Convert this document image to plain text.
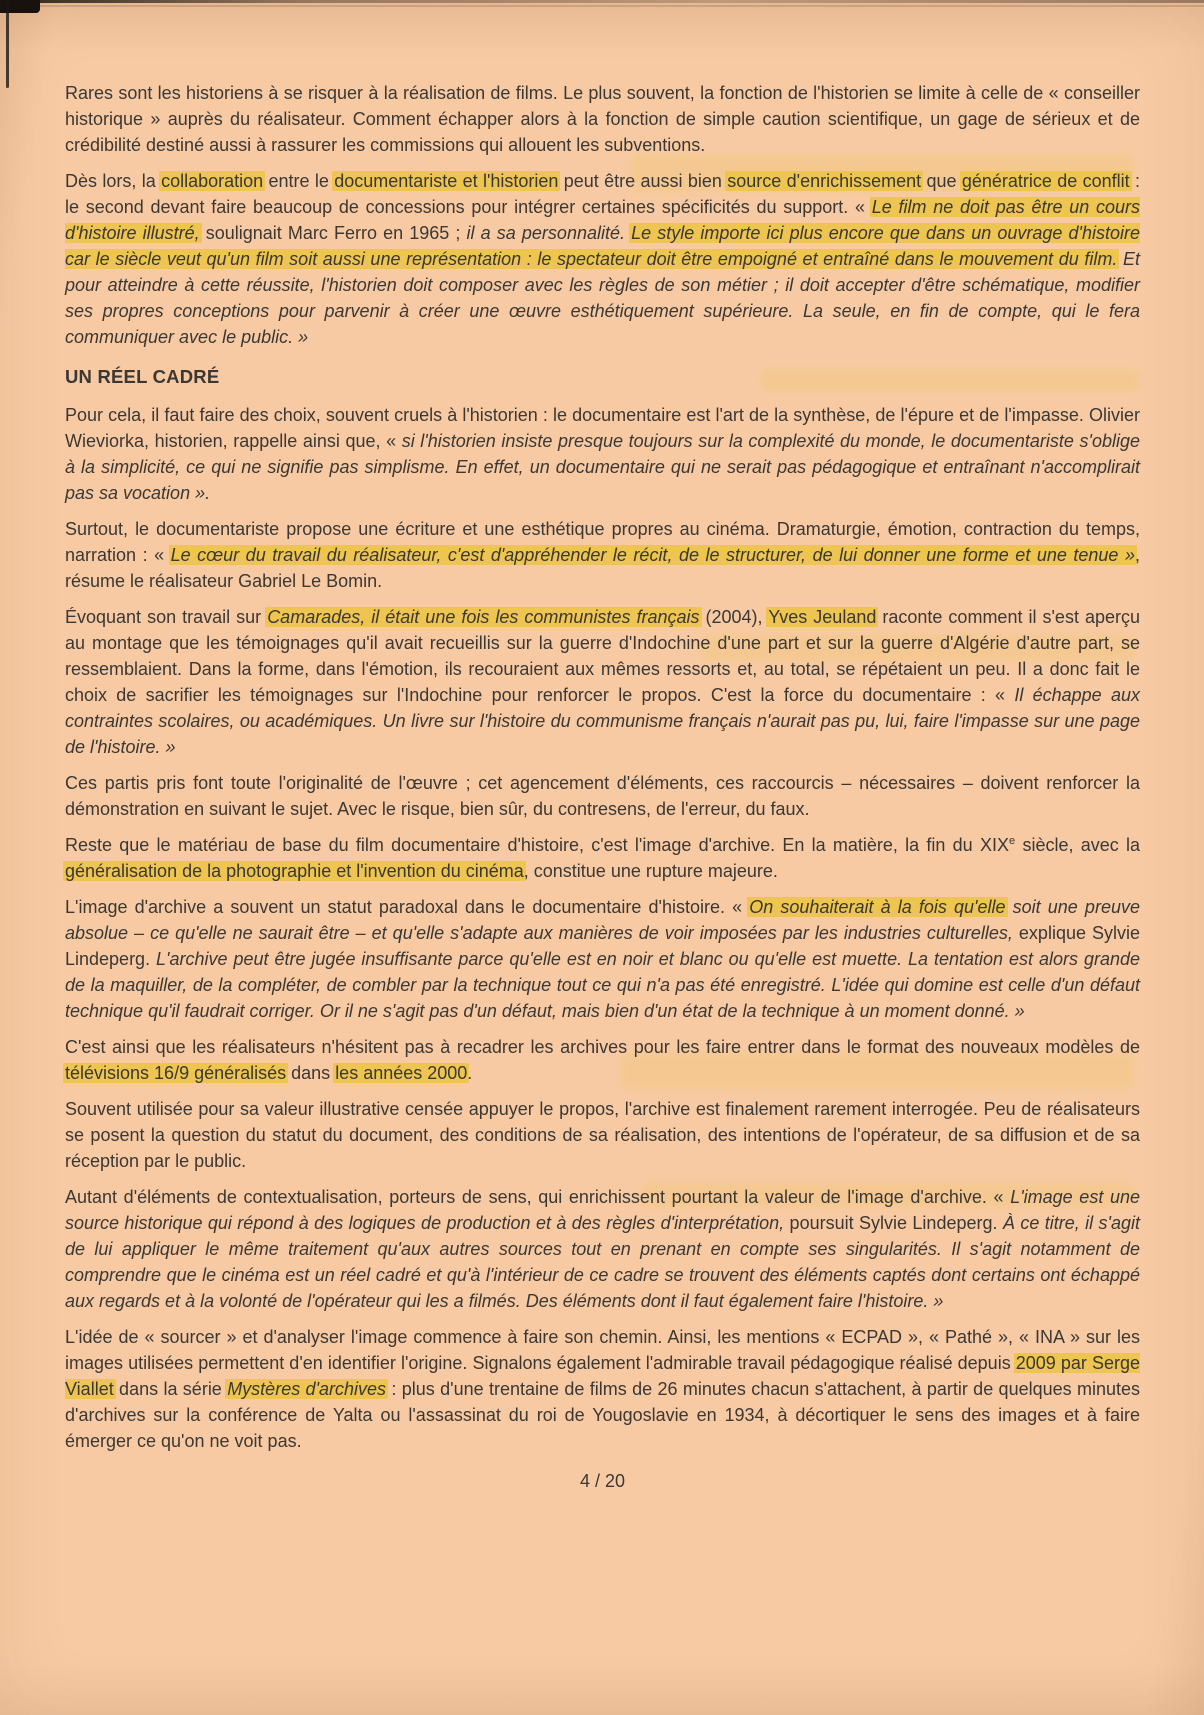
Rares sont les historiens à se risquer à la réalisation de films. Le plus souvent, la fonction de l'historien se limite à celle de « conseiller historique » auprès du réalisateur. Comment échapper alors à la fonction de simple caution scientifique, un gage de sérieux et de crédibilité destiné aussi à rassurer les commissions qui allouent les subventions.

Dès lors, la collaboration entre le documentariste et l'historien peut être aussi bien source d'enrichissement que génératrice de conflit : le second devant faire beaucoup de concessions pour intégrer certaines spécificités du support. « Le film ne doit pas être un cours d'histoire illustré, soulignait Marc Ferro en 1965 ; il a sa personnalité. Le style importe ici plus encore que dans un ouvrage d'histoire car le siècle veut qu'un film soit aussi une représentation : le spectateur doit être empoigné et entraîné dans le mouvement du film. Et pour atteindre à cette réussite, l'historien doit composer avec les règles de son métier ; il doit accepter d'être schématique, modifier ses propres conceptions pour parvenir à créer une œuvre esthétiquement supérieure. La seule, en fin de compte, qui le fera communiquer avec le public. »

UN RÉEL CADRÉ

Pour cela, il faut faire des choix, souvent cruels à l'historien : le documentaire est l'art de la synthèse, de l'épure et de l'impasse. Olivier Wieviorka, historien, rappelle ainsi que, « si l'historien insiste presque toujours sur la complexité du monde, le documentariste s'oblige à la simplicité, ce qui ne signifie pas simplisme. En effet, un documentaire qui ne serait pas pédagogique et entraînant n'accomplirait pas sa vocation ».

Surtout, le documentariste propose une écriture et une esthétique propres au cinéma. Dramaturgie, émotion, contraction du temps, narration : « Le cœur du travail du réalisateur, c'est d'appréhender le récit, de le structurer, de lui donner une forme et une tenue », résume le réalisateur Gabriel Le Bomin.

Évoquant son travail sur Camarades, il était une fois les communistes français (2004), Yves Jeuland raconte comment il s'est aperçu au montage que les témoignages qu'il avait recueillis sur la guerre d'Indochine d'une part et sur la guerre d'Algérie d'autre part, se ressemblaient. Dans la forme, dans l'émotion, ils recouraient aux mêmes ressorts et, au total, se répétaient un peu. Il a donc fait le choix de sacrifier les témoignages sur l'Indochine pour renforcer le propos. C'est la force du documentaire : « Il échappe aux contraintes scolaires, ou académiques. Un livre sur l'histoire du communisme français n'aurait pas pu, lui, faire l'impasse sur une page de l'histoire. »

Ces partis pris font toute l'originalité de l'œuvre ; cet agencement d'éléments, ces raccourcis – nécessaires – doivent renforcer la démonstration en suivant le sujet. Avec le risque, bien sûr, du contresens, de l'erreur, du faux.

Reste que le matériau de base du film documentaire d'histoire, c'est l'image d'archive. En la matière, la fin du XIXe siècle, avec la généralisation de la photographie et l'invention du cinéma, constitue une rupture majeure.

L'image d'archive a souvent un statut paradoxal dans le documentaire d'histoire. « On souhaiterait à la fois qu'elle soit une preuve absolue – ce qu'elle ne saurait être – et qu'elle s'adapte aux manières de voir imposées par les industries culturelles, explique Sylvie Lindeperg. L'archive peut être jugée insuffisante parce qu'elle est en noir et blanc ou qu'elle est muette. La tentation est alors grande de la maquiller, de la compléter, de combler par la technique tout ce qui n'a pas été enregistré. L'idée qui domine est celle d'un défaut technique qu'il faudrait corriger. Or il ne s'agit pas d'un défaut, mais bien d'un état de la technique à un moment donné. »

C'est ainsi que les réalisateurs n'hésitent pas à recadrer les archives pour les faire entrer dans le format des nouveaux modèles de télévisions 16/9 généralisés dans les années 2000.

Souvent utilisée pour sa valeur illustrative censée appuyer le propos, l'archive est finalement rarement interrogée. Peu de réalisateurs se posent la question du statut du document, des conditions de sa réalisation, des intentions de l'opérateur, de sa diffusion et de sa réception par le public.

Autant d'éléments de contextualisation, porteurs de sens, qui enrichissent pourtant la valeur de l'image d'archive. « L'image est une source historique qui répond à des logiques de production et à des règles d'interprétation, poursuit Sylvie Lindeperg. À ce titre, il s'agit de lui appliquer le même traitement qu'aux autres sources tout en prenant en compte ses singularités. Il s'agit notamment de comprendre que le cinéma est un réel cadré et qu'à l'intérieur de ce cadre se trouvent des éléments captés dont certains ont échappé aux regards et à la volonté de l'opérateur qui les a filmés. Des éléments dont il faut également faire l'histoire. »

L'idée de « sourcer » et d'analyser l'image commence à faire son chemin. Ainsi, les mentions « ECPAD », « Pathé », « INA » sur les images utilisées permettent d'en identifier l'origine. Signalons également l'admirable travail pédagogique réalisé depuis 2009 par Serge Viallet dans la série Mystères d'archives : plus d'une trentaine de films de 26 minutes chacun s'attachent, à partir de quelques minutes d'archives sur la conférence de Yalta ou l'assassinat du roi de Yougoslavie en 1934, à décortiquer le sens des images et à faire émerger ce qu'on ne voit pas.

4 / 20
